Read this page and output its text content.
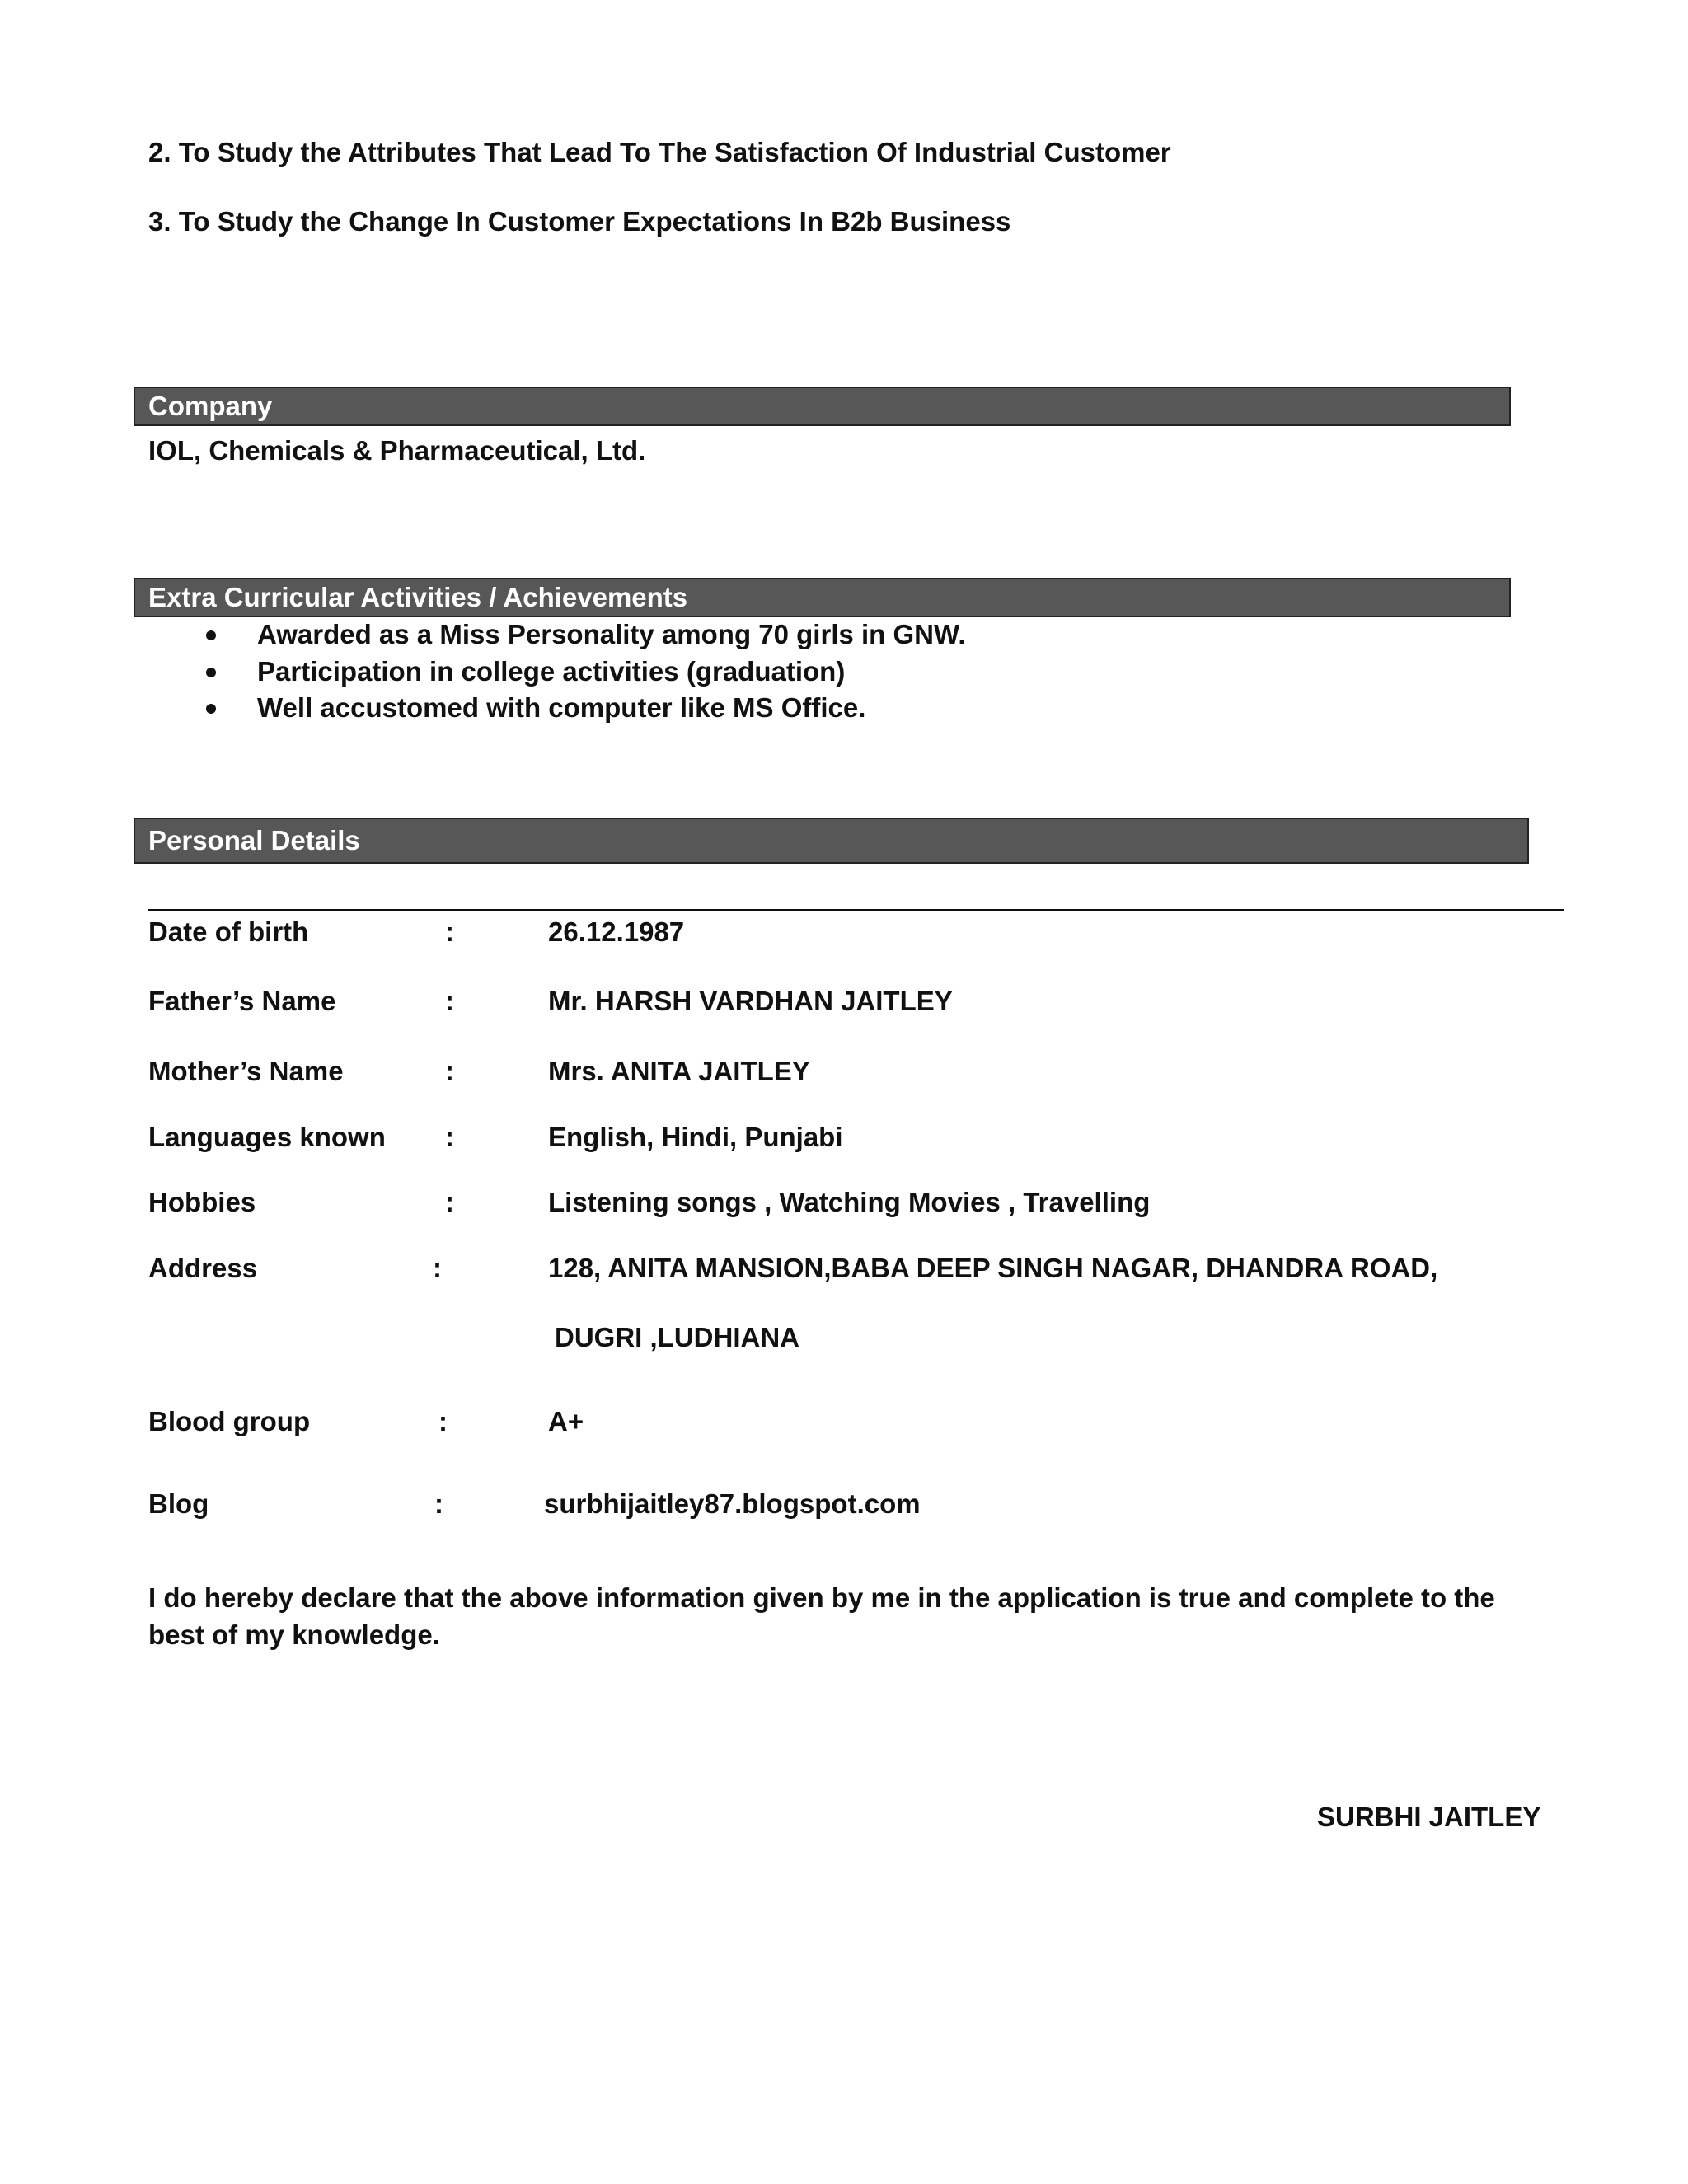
2. To Study the Attributes That Lead To The Satisfaction Of Industrial Customer
3. To Study the Change In Customer Expectations In B2b Business
Company
IOL, Chemicals & Pharmaceutical, Ltd.
Extra Curricular Activities / Achievements
Awarded as a Miss Personality among 70 girls in GNW.
Participation in college activities (graduation)
Well accustomed with computer like MS Office.
Personal Details
Date of birth	:	26.12.1987
Father’s Name	:	Mr. HARSH VARDHAN JAITLEY
Mother’s Name	:	Mrs. ANITA JAITLEY
Languages known :	English, Hindi, Punjabi
Hobbies	:	Listening songs , Watching Movies , Travelling
Address	:	128, ANITA MANSION,BABA DEEP SINGH NAGAR, DHANDRA ROAD,
DUGRI ,LUDHIANA
Blood group	:	A+
Blog	:	surbhijaitley87.blogspot.com
I do hereby declare that the above information given by me in the application is true and complete to the best of my knowledge.
SURBHI JAITLEY
